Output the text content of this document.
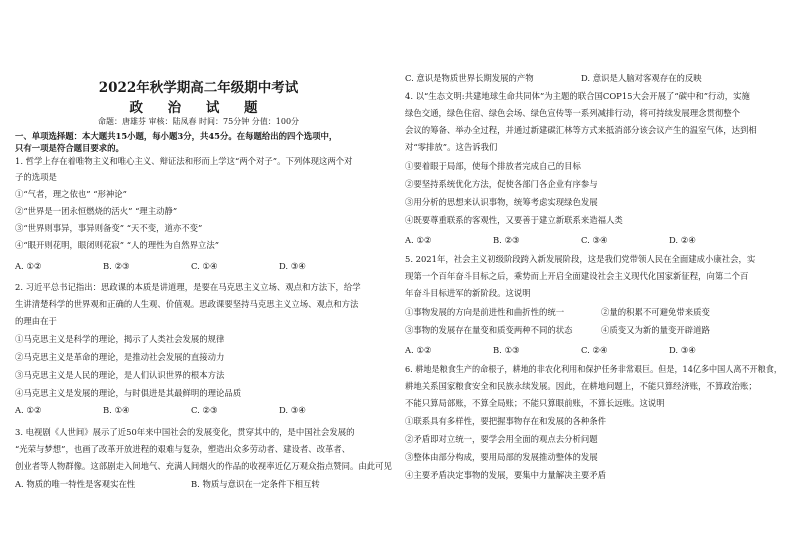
2022年秋学期高二年级期中考试
政 治 试 题
命题：唐雄芬 审核：陆凤春 时间：75分钟 分值：100分
一、单项选择题：本大题共15小题，每小题3分，共45分。在每题给出的四个选项中，
只有一项是符合题目要求的。
1. 哲学上存在着唯物主义和唯心主义、辩证法和形而上学这“两个对子”。下列体现这两个对
子的选项是
①“气者，理之依也” “形神论”
②“世界是一团永恒燃烧的活火” “理主动静”
③“世界则事异，事异则备变” “天不变，道亦不变”
④“眼开则花明，眼闭则花寂” “人的理性为自然界立法”
A. ①②	B. ②③	C. ①④	D. ③④
2. 习近平总书记指出：思政课的本质是讲道理，是要在马克思主义立场、观点和方法下，给学
生讲清楚科学的世界观和正确的人生观、价值观。思政课要坚持马克思主义立场、观点和方法
的理由在于
①马克思主义是科学的理论，揭示了人类社会发展的规律
②马克思主义是革命的理论，是推动社会发展的直接动力
③马克思主义是人民的理论，是人们认识世界的根本方法
④马克思主义是发展的理论，与时俱进是其最鲜明的理论品质
A. ①②	B. ①④	C. ②③	D. ③④
3. 电视剧《人世间》展示了近50年来中国社会的发展变化，贯穿其中的，是中国社会发展的
“光荣与梦想”，也画了改革开放进程的艰难与复杂，塑造出众多劳动者、建设者、改革者、
创业者等人物群像。这部剧走入间地气、充满人间烟火的作品的收视率近亿万观众指点赞同。由此可见
A. 物质的唯一特性是客观实在性	B. 物质与意识在一定条件下相互转
C. 意识是物质世界长期发展的产物	D. 意识是人脑对客观存在的反映
4. 以“生态文明:共建地球生命共同体”为主题的联合国COP15大会开展了“碳中和”行动，实施
绿色交通，绿色住宿、绿色会场、绿色宣传等一系列减排行动，将可持续发展理念贯彻整个
会议的筹备、举办全过程，并通过新建碳汇林等方式来抵消部分该会议产生的温室气体，达到相
对“零排放”。这告诉我们
①要着眼于局部，使每个排放者完成自己的目标
②要坚持系统优化方法，促使各部门各企业有序参与
③用分析的思想来认识事物，统筹考虑实现绿色发展
④既要尊重联系的客观性，又要善于建立新联系来造福人类
A. ①②	B. ②③	C. ③④	D. ②④
5. 2021年，社会主义初级阶段跨入新发展阶段，这是我们党带领人民在全面建成小康社会，实
现第一个百年奋斗目标之后，乘势而上开启全面建设社会主义现代化国家新征程，向第二个百
年奋斗目标进军的新阶段。这说明
①事物发展的方向是前进性和曲折性的统一	②量的积累不可避免带来质变
③事物的发展存在量变和质变两种不同的状态	④质变又为新的量变开辟道路
A. ①②	B. ①③	C. ②④	D. ③④
6. 耕地是粮食生产的命根子，耕地的非农化利用和保护任务非常艰巨。但是，14亿多中国人离不开粮食，
耕地关系国家粮食安全和民族永续发展。因此，在耕地问题上，不能只算经济账，不算政治账；
不能只算局部账，不算全局账；不能只算眼前账，不算长远账。这说明
①联系具有多样性，要把握事物存在和发展的各种条件
②矛盾即对立统一，要学会用全面的观点去分析问题
③整体由部分构成，要用局部的发展推动整体的发展
④主要矛盾决定事物的发展，要集中力量解决主要矛盾
